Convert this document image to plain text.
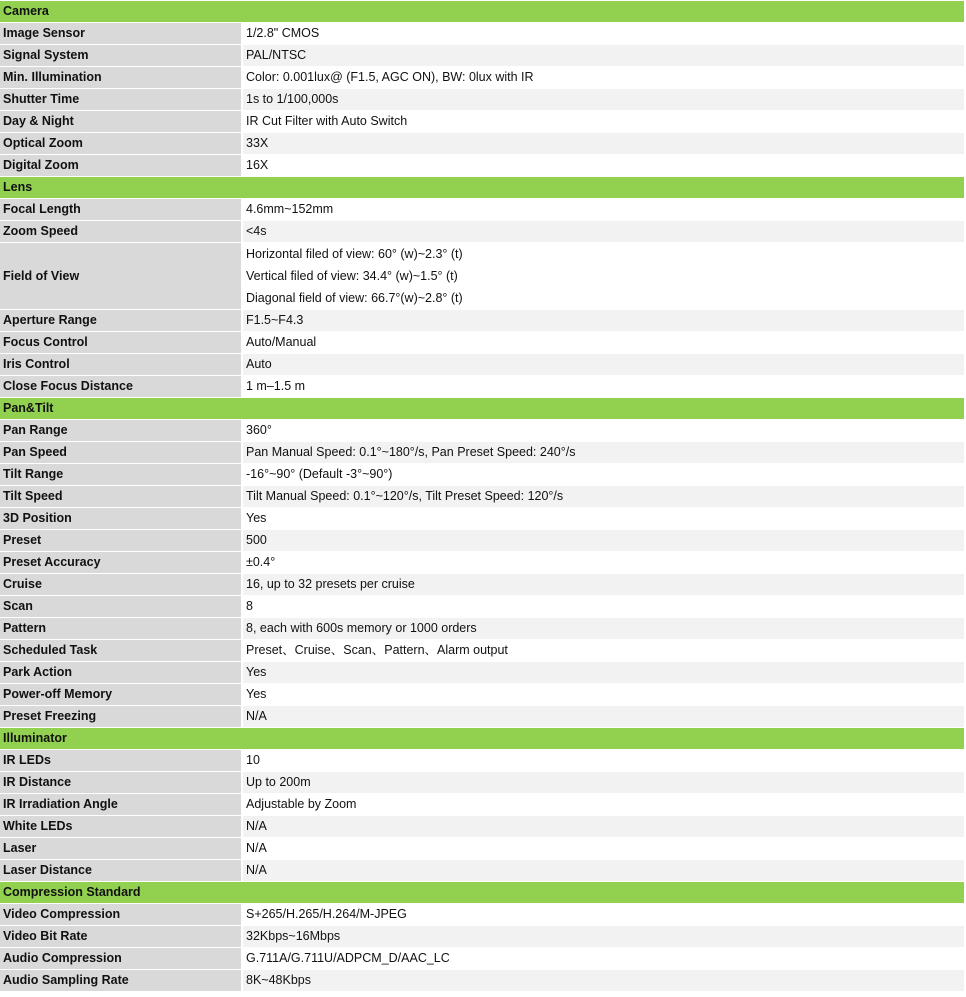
Camera	
Image Sensor	1/2.8" CMOS
Signal System	PAL/NTSC
Min. Illumination	Color: 0.001lux@ (F1.5, AGC ON), BW: 0lux with IR
Shutter Time	1s to 1/100,000s
Day & Night	IR Cut Filter with Auto Switch
Optical Zoom	33X
Digital Zoom	16X
Lens	
Focal Length	4.6mm~152mm
Zoom Speed	<4s
Field of View	Horizontal filed of view: 60° (w)~2.3° (t)
Vertical filed of view: 34.4° (w)~1.5° (t)
Diagonal field of view: 66.7°(w)~2.8° (t)

Aperture Range	F1.5~F4.3
Focus Control	Auto/Manual
Iris Control	Auto
Close Focus Distance	1 m–1.5 m
Pan&Tilt	
Pan Range	360°
Pan Speed	Pan Manual Speed: 0.1°~180°/s, Pan Preset Speed: 240°/s
Tilt Range	-16°~90° (Default -3°~90°)
Tilt Speed	Tilt Manual Speed: 0.1°~120°/s, Tilt Preset Speed: 120°/s
3D Position	Yes
Preset	500
Preset Accuracy	±0.4°
Cruise	16, up to 32 presets per cruise
Scan	8
Pattern	8, each with 600s memory or 1000 orders
Scheduled Task	Preset、Cruise、Scan、Pattern、Alarm output
Park Action	Yes
Power-off Memory	Yes
Preset Freezing	N/A
Illuminator	
IR LEDs	10
IR Distance	Up to 200m
IR Irradiation Angle	Adjustable by Zoom
White LEDs	N/A
Laser	N/A
Laser Distance	N/A
Compression Standard	
Video Compression	S+265/H.265/H.264/M-JPEG
Video Bit Rate	32Kbps~16Mbps
Audio Compression	G.711A/G.711U/ADPCM_D/AAC_LC
Audio Sampling Rate	8K~48Kbps
